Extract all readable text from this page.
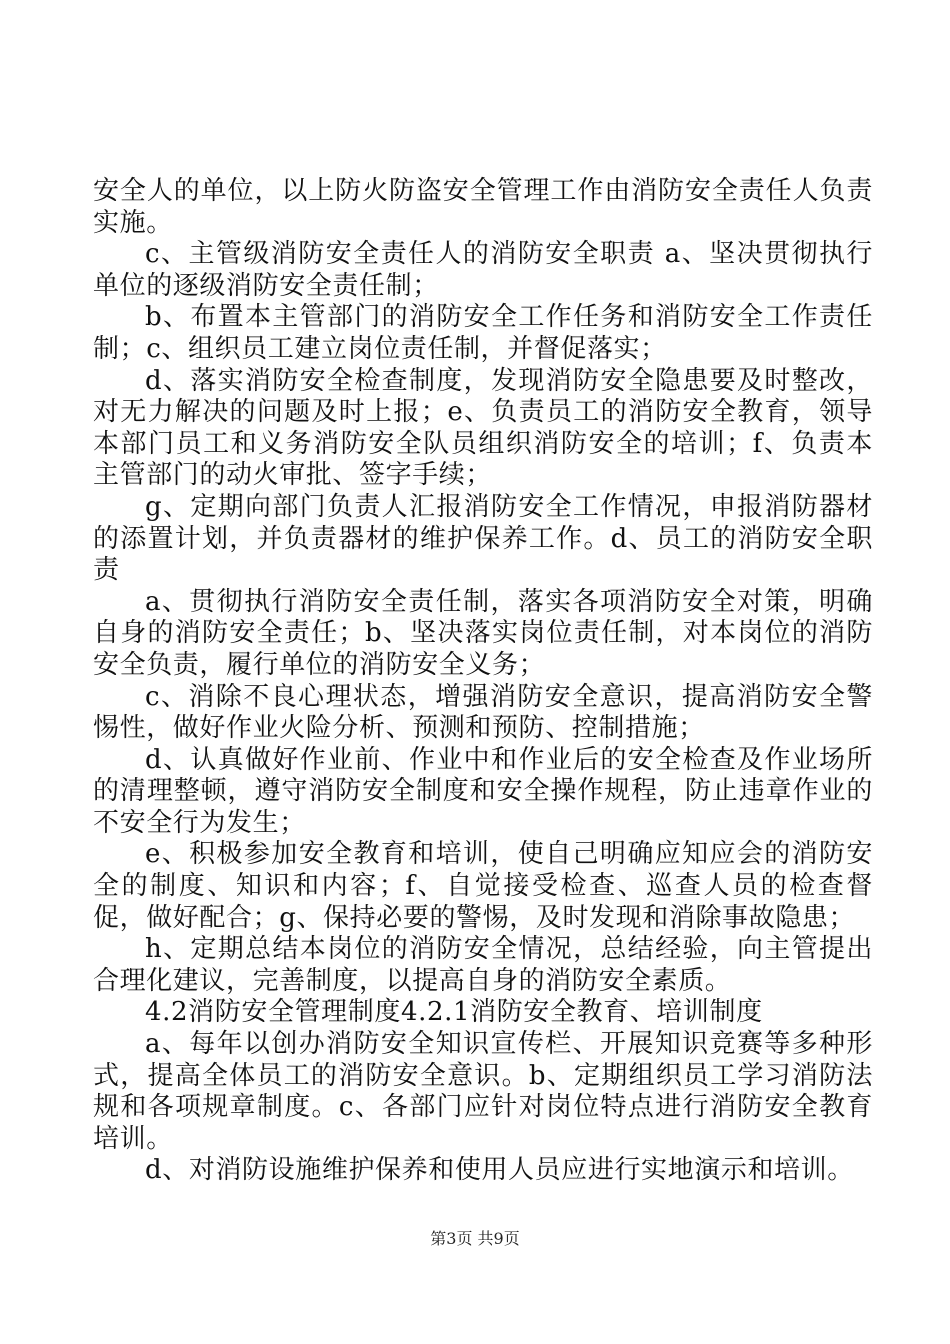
安全人的单位，以上防火防盗安全管理工作由消防安全责任人负责实施。

c、主管级消防安全责任人的消防安全职责 a、坚决贯彻执行单位的逐级消防安全责任制；

b、布置本主管部门的消防安全工作任务和消防安全工作责任制；c、组织员工建立岗位责任制，并督促落实；

d、落实消防安全检查制度，发现消防安全隐患要及时整改，对无力解决的问题及时上报；e、负责员工的消防安全教育，领导本部门员工和义务消防安全队员组织消防安全的培训；f、负责本主管部门的动火审批、签字手续；

g、定期向部门负责人汇报消防安全工作情况，申报消防器材的添置计划，并负责器材的维护保养工作。d、员工的消防安全职责

a、贯彻执行消防安全责任制，落实各项消防安全对策，明确自身的消防安全责任；b、坚决落实岗位责任制，对本岗位的消防安全负责，履行单位的消防安全义务；

c、消除不良心理状态，增强消防安全意识，提高消防安全警惕性，做好作业火险分析、预测和预防、控制措施；

d、认真做好作业前、作业中和作业后的安全检查及作业场所的清理整顿，遵守消防安全制度和安全操作规程，防止违章作业的不安全行为发生；

e、积极参加安全教育和培训，使自己明确应知应会的消防安全的制度、知识和内容；f、自觉接受检查、巡查人员的检查督促，做好配合；g、保持必要的警惕，及时发现和消除事故隐患；

h、定期总结本岗位的消防安全情况，总结经验，向主管提出合理化建议，完善制度，以提高自身的消防安全素质。

4.2消防安全管理制度4.2.1消防安全教育、培训制度

a、每年以创办消防安全知识宣传栏、开展知识竞赛等多种形式，提高全体员工的消防安全意识。b、定期组织员工学习消防法规和各项规章制度。c、各部门应针对岗位特点进行消防安全教育培训。

d、对消防设施维护保养和使用人员应进行实地演示和培训。

第3页 共9页
